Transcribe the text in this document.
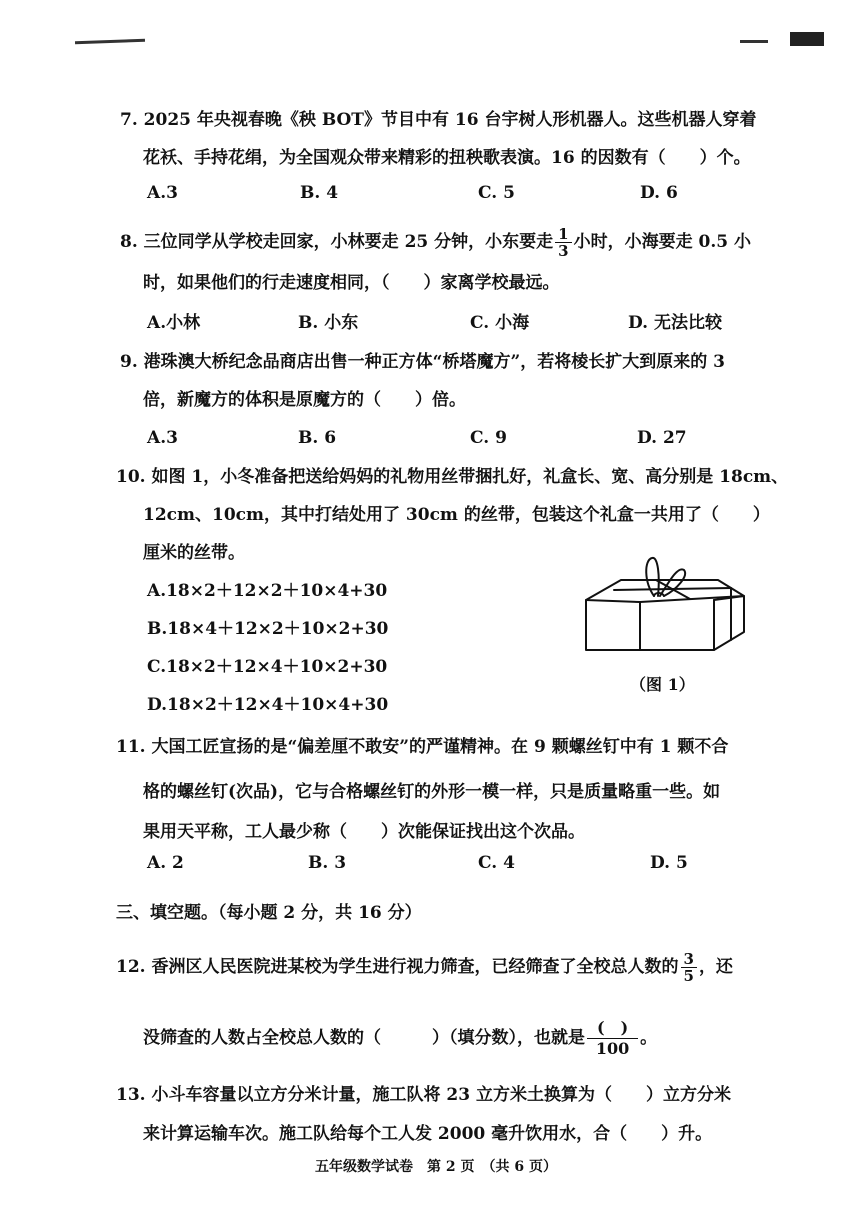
7. 2025 年央视春晚《秧 BOT》节目中有 16 台宇树人形机器人。这些机器人穿着
花袄、手持花绢，为全国观众带来精彩的扭秧歌表演。16 的因数有（　　）个。
A.3	B. 4	C. 5	D. 6
8. 三位同学从学校走回家，小林要走 25 分钟，小东要走 $\frac{1}{3}$ 小时，小海要走 0.5 小
时，如果他们的行走速度相同，（　　）家离学校最远。
A.小林	B. 小东	C. 小海	D. 无法比较
9. 港珠澳大桥纪念品商店出售一种正方体“桥塔魔方”，若将棱长扩大到原来的 3
倍，新魔方的体积是原魔方的（　　）倍。
A.3	B. 6	C. 9	D. 27
10. 如图 1，小冬准备把送给妈妈的礼物用丝带捆扎好，礼盒长、宽、高分别是 18cm、
12cm、10cm，其中打结处用了 30cm 的丝带，包装这个礼盒一共用了（　　）
厘米的丝带。
A.18×2＋12×2＋10×4+30
B.18×4＋12×2＋10×2+30
C.18×2＋12×4＋10×2+30
D.18×2＋12×4＋10×4+30
（图 1）
11. 大国工匠宣扬的是“偏差厘不敢安”的严谨精神。在 9 颗螺丝钉中有 1 颗不合
格的螺丝钉(次品)，它与合格螺丝钉的外形一模一样，只是质量略重一些。如
果用天平称，工人最少称（　　）次能保证找出这个次品。
A. 2	B. 3	C. 4	D. 5
三、填空题。（每小题 2 分，共 16 分）
12. 香洲区人民医院进某校为学生进行视力筛查，已经筛查了全校总人数的 $\frac{3}{5}$ ，还
没筛查的人数占全校总人数的（　　　）（填分数），也就是 $\frac{( )}{100}$ 。
13. 小斗车容量以立方分米计量，施工队将 23 立方米土换算为（　　）立方分米
来计算运输车次。施工队给每个工人发 2000 毫升饮用水，合（　　）升。
五年级数学试卷　第 2 页　（共 6 页）
